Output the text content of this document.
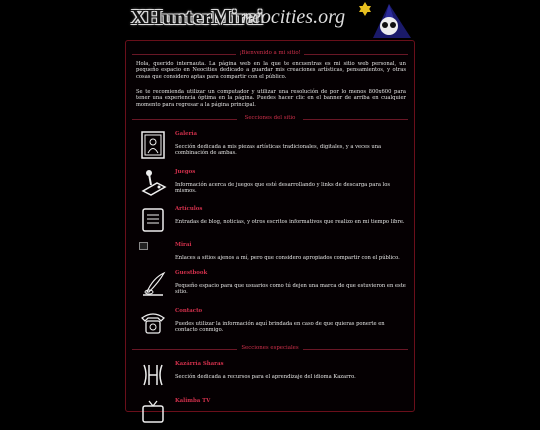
XHunterMirai
neocities.org
¡Bienvenido a mi sitio!
Hola, querido internauta. La página web en la que te encuentras es mi sitio web personal, un pequeño espacio en Neocities dedicado a guardar mis creaciones artísticas, pensamientos, y otras cosas que considero aptas para compartir con el público.
Se te recomienda utilizar un computador y utilizar una resolución de por lo menos 800x600 para tener una experiencia óptima en la página. Puedes hacer clic en el banner de arriba en cualquier momento para regresar a la página principal.
Secciones del sitio
Galería
Sección dedicada a mis piezas artísticas tradicionales, digitales, y a veces una combinación de ambas.
Juegos
Información acerca de juegos que esté desarrollando y links de descarga para los mismos.
Artículos
Entradas de blog, noticias, y otros escritos informativos que realizo en mi tiempo libre.
Mirai
Enlaces a sitios ajenos a mí, pero que considero apropiados compartir con el público.
Guestbook
Pequeño espacio para que usuarios como tú dejen una marca de que estuvieron en este sitio.
Contacto
Puedes utilizar la información aquí brindada en caso de que quieras ponerte en contacto conmigo.
Secciones especiales
Kazárría Sharas
Sección dedicada a recursos para el aprendizaje del idioma Kazarro.
Kalimba TV
